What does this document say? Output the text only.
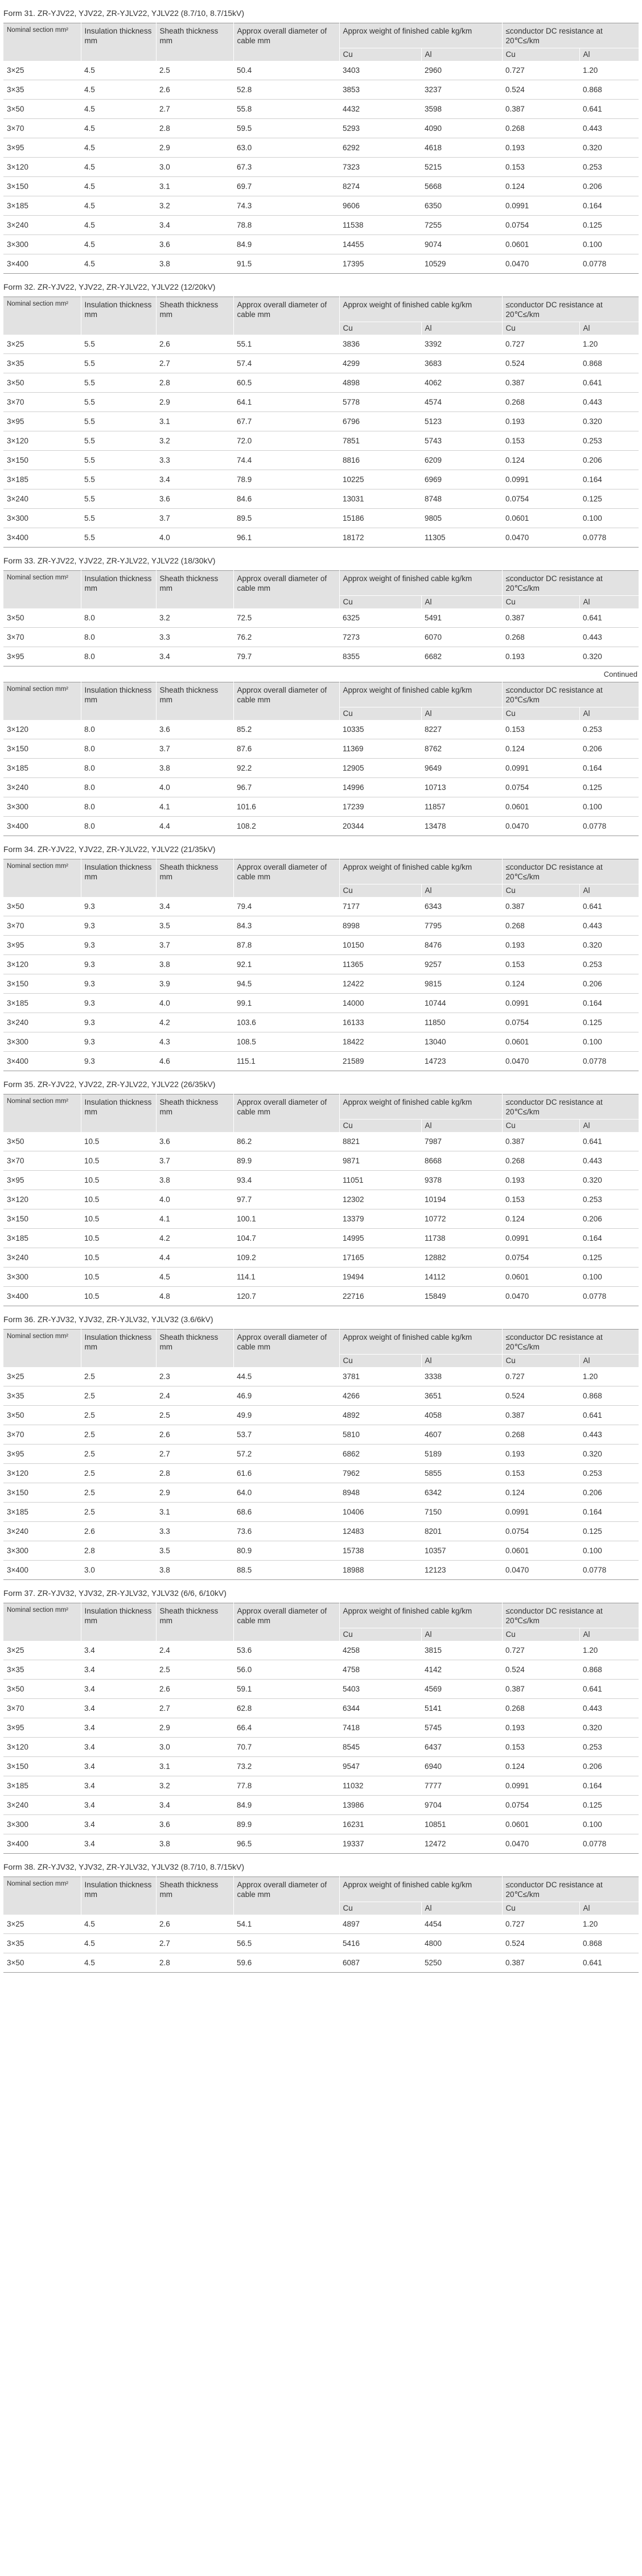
Form 31. ZR-YJV22, YJV22, ZR-YJLV22, YJLV22 (8.7/10, 8.7/15kV)
Nominal section mm²	Insulation thickness mm	Sheath thickness mm	Approx overall diameter of cable mm	Approx weight of finished cable kg/km		≤conductor DC resistance at 20℃≤/km	
				Cu	Al	Cu	Al
3×25	4.5	2.5	50.4	3403	2960	0.727	1.20
3×35	4.5	2.6	52.8	3853	3237	0.524	0.868
3×50	4.5	2.7	55.8	4432	3598	0.387	0.641
3×70	4.5	2.8	59.5	5293	4090	0.268	0.443
3×95	4.5	2.9	63.0	6292	4618	0.193	0.320
3×120	4.5	3.0	67.3	7323	5215	0.153	0.253
3×150	4.5	3.1	69.7	8274	5668	0.124	0.206
3×185	4.5	3.2	74.3	9606	6350	0.0991	0.164
3×240	4.5	3.4	78.8	11538	7255	0.0754	0.125
3×300	4.5	3.6	84.9	14455	9074	0.0601	0.100
3×400	4.5	3.8	91.5	17395	10529	0.0470	0.0778
Form 32. ZR-YJV22, YJV22, ZR-YJLV22, YJLV22 (12/20kV)
Nominal section mm²	Insulation thickness mm	Sheath thickness mm	Approx overall diameter of cable mm	Approx weight of finished cable kg/km		≤conductor DC resistance at 20℃≤/km	
				Cu	Al	Cu	Al
3×25	5.5	2.6	55.1	3836	3392	0.727	1.20
3×35	5.5	2.7	57.4	4299	3683	0.524	0.868
3×50	5.5	2.8	60.5	4898	4062	0.387	0.641
3×70	5.5	2.9	64.1	5778	4574	0.268	0.443
3×95	5.5	3.1	67.7	6796	5123	0.193	0.320
3×120	5.5	3.2	72.0	7851	5743	0.153	0.253
3×150	5.5	3.3	74.4	8816	6209	0.124	0.206
3×185	5.5	3.4	78.9	10225	6969	0.0991	0.164
3×240	5.5	3.6	84.6	13031	8748	0.0754	0.125
3×300	5.5	3.7	89.5	15186	9805	0.0601	0.100
3×400	5.5	4.0	96.1	18172	11305	0.0470	0.0778
Form 33. ZR-YJV22, YJV22, ZR-YJLV22, YJLV22 (18/30kV)
Nominal section mm²	Insulation thickness mm	Sheath thickness mm	Approx overall diameter of cable mm	Approx weight of finished cable kg/km		≤conductor DC resistance at 20℃≤/km	
				Cu	Al	Cu	Al
3×50	8.0	3.2	72.5	6325	5491	0.387	0.641
3×70	8.0	3.3	76.2	7273	6070	0.268	0.443
3×95	8.0	3.4	79.7	8355	6682	0.193	0.320
Continued
Nominal section mm²	Insulation thickness mm	Sheath thickness mm	Approx overall diameter of cable mm	Approx weight of finished cable kg/km		≤conductor DC resistance at 20℃≤/km	
				Cu	Al	Cu	Al
3×120	8.0	3.6	85.2	10335	8227	0.153	0.253
3×150	8.0	3.7	87.6	11369	8762	0.124	0.206
3×185	8.0	3.8	92.2	12905	9649	0.0991	0.164
3×240	8.0	4.0	96.7	14996	10713	0.0754	0.125
3×300	8.0	4.1	101.6	17239	11857	0.0601	0.100
3×400	8.0	4.4	108.2	20344	13478	0.0470	0.0778
Form 34. ZR-YJV22, YJV22, ZR-YJLV22, YJLV22 (21/35kV)
Nominal section mm²	Insulation thickness mm	Sheath thickness mm	Approx overall diameter of cable mm	Approx weight of finished cable kg/km		≤conductor DC resistance at 20℃≤/km	
				Cu	Al	Cu	Al
3×50	9.3	3.4	79.4	7177	6343	0.387	0.641
3×70	9.3	3.5	84.3	8998	7795	0.268	0.443
3×95	9.3	3.7	87.8	10150	8476	0.193	0.320
3×120	9.3	3.8	92.1	11365	9257	0.153	0.253
3×150	9.3	3.9	94.5	12422	9815	0.124	0.206
3×185	9.3	4.0	99.1	14000	10744	0.0991	0.164
3×240	9.3	4.2	103.6	16133	11850	0.0754	0.125
3×300	9.3	4.3	108.5	18422	13040	0.0601	0.100
3×400	9.3	4.6	115.1	21589	14723	0.0470	0.0778
Form 35. ZR-YJV22, YJV22, ZR-YJLV22, YJLV22 (26/35kV)
Nominal section mm²	Insulation thickness mm	Sheath thickness mm	Approx overall diameter of cable mm	Approx weight of finished cable kg/km		≤conductor DC resistance at 20℃≤/km	
				Cu	Al	Cu	Al
3×50	10.5	3.6	86.2	8821	7987	0.387	0.641
3×70	10.5	3.7	89.9	9871	8668	0.268	0.443
3×95	10.5	3.8	93.4	11051	9378	0.193	0.320
3×120	10.5	4.0	97.7	12302	10194	0.153	0.253
3×150	10.5	4.1	100.1	13379	10772	0.124	0.206
3×185	10.5	4.2	104.7	14995	11738	0.0991	0.164
3×240	10.5	4.4	109.2	17165	12882	0.0754	0.125
3×300	10.5	4.5	114.1	19494	14112	0.0601	0.100
3×400	10.5	4.8	120.7	22716	15849	0.0470	0.0778
Form 36. ZR-YJV32, YJV32, ZR-YJLV32, YJLV32 (3.6/6kV)
Nominal section mm²	Insulation thickness mm	Sheath thickness mm	Approx overall diameter of cable mm	Approx weight of finished cable kg/km		≤conductor DC resistance at 20℃≤/km	
				Cu	Al	Cu	Al
3×25	2.5	2.3	44.5	3781	3338	0.727	1.20
3×35	2.5	2.4	46.9	4266	3651	0.524	0.868
3×50	2.5	2.5	49.9	4892	4058	0.387	0.641
3×70	2.5	2.6	53.7	5810	4607	0.268	0.443
3×95	2.5	2.7	57.2	6862	5189	0.193	0.320
3×120	2.5	2.8	61.6	7962	5855	0.153	0.253
3×150	2.5	2.9	64.0	8948	6342	0.124	0.206
3×185	2.5	3.1	68.6	10406	7150	0.0991	0.164
3×240	2.6	3.3	73.6	12483	8201	0.0754	0.125
3×300	2.8	3.5	80.9	15738	10357	0.0601	0.100
3×400	3.0	3.8	88.5	18988	12123	0.0470	0.0778
Form 37. ZR-YJV32, YJV32, ZR-YJLV32, YJLV32 (6/6, 6/10kV)
Nominal section mm²	Insulation thickness mm	Sheath thickness mm	Approx overall diameter of cable mm	Approx weight of finished cable kg/km		≤conductor DC resistance at 20℃≤/km	
				Cu	Al	Cu	Al
3×25	3.4	2.4	53.6	4258	3815	0.727	1.20
3×35	3.4	2.5	56.0	4758	4142	0.524	0.868
3×50	3.4	2.6	59.1	5403	4569	0.387	0.641
3×70	3.4	2.7	62.8	6344	5141	0.268	0.443
3×95	3.4	2.9	66.4	7418	5745	0.193	0.320
3×120	3.4	3.0	70.7	8545	6437	0.153	0.253
3×150	3.4	3.1	73.2	9547	6940	0.124	0.206
3×185	3.4	3.2	77.8	11032	7777	0.0991	0.164
3×240	3.4	3.4	84.9	13986	9704	0.0754	0.125
3×300	3.4	3.6	89.9	16231	10851	0.0601	0.100
3×400	3.4	3.8	96.5	19337	12472	0.0470	0.0778
Form 38. ZR-YJV32, YJV32, ZR-YJLV32, YJLV32 (8.7/10, 8.7/15kV)
Nominal section mm²	Insulation thickness mm	Sheath thickness mm	Approx overall diameter of cable mm	Approx weight of finished cable kg/km		≤conductor DC resistance at 20℃≤/km	
				Cu	Al	Cu	Al
3×25	4.5	2.6	54.1	4897	4454	0.727	1.20
3×35	4.5	2.7	56.5	5416	4800	0.524	0.868
3×50	4.5	2.8	59.6	6087	5250	0.387	0.641
